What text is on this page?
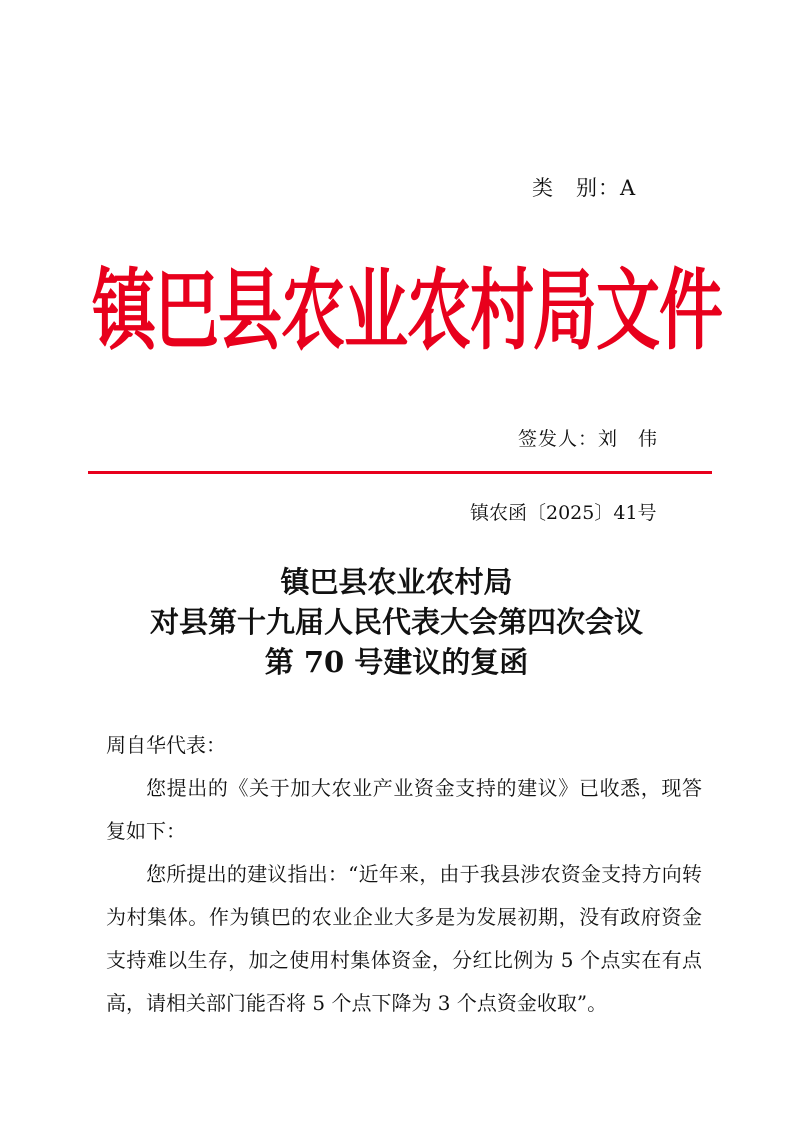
类　别：A
镇巴县农业农村局文件
签发人：刘　伟
镇农函〔2025〕41号
镇巴县农业农村局
对县第十九届人民代表大会第四次会议
第 70 号建议的复函

周自华代表：

您提出的《关于加大农业产业资金支持的建议》已收悉，现答复如下：

您所提出的建议指出：“近年来，由于我县涉农资金支持方向转为村集体。作为镇巴的农业企业大多是为发展初期，没有政府资金支持难以生存，加之使用村集体资金，分红比例为 5 个点实在有点高，请相关部门能否将 5 个点下降为 3 个点资金收取”。
